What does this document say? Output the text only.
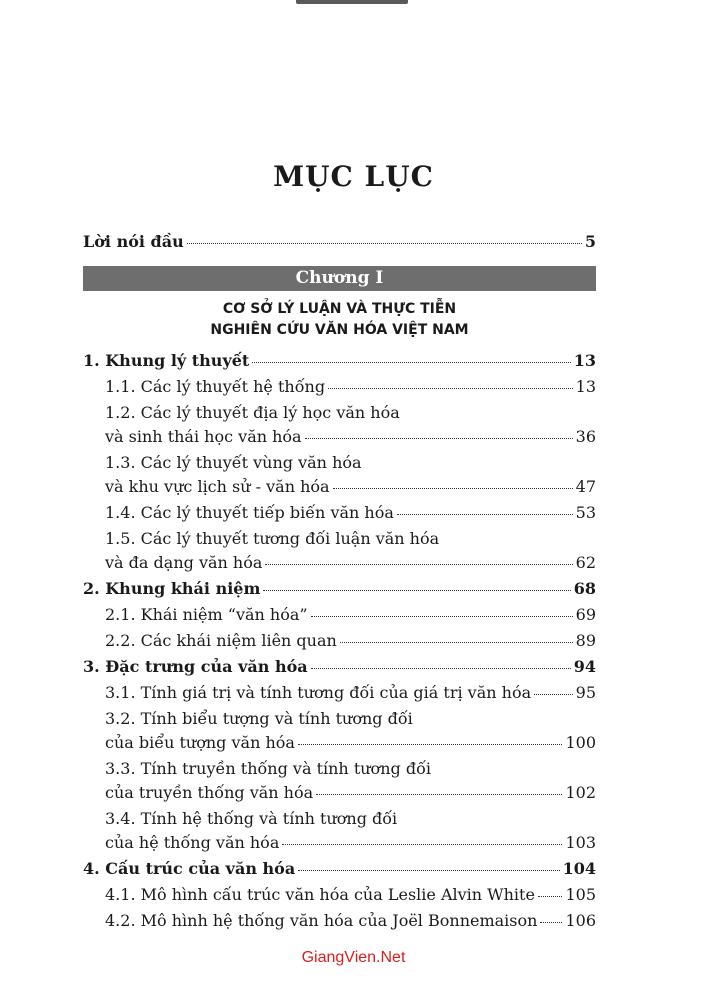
MỤC LỤC
Lời nói đầu	5
Chương I
CƠ SỞ LÝ LUẬN VÀ THỰC TIỄN
NGHIÊN CỨU VĂN HÓA VIỆT NAM
1. Khung lý thuyết	13
1.1. Các lý thuyết hệ thống	13
1.2. Các lý thuyết địa lý học văn hóa
và sinh thái học văn hóa	36
1.3. Các lý thuyết vùng văn hóa
và khu vực lịch sử - văn hóa	47
1.4. Các lý thuyết tiếp biến văn hóa	53
1.5. Các lý thuyết tương đối luận văn hóa
và đa dạng văn hóa	62
2. Khung khái niệm	68
2.1. Khái niệm “văn hóa”	69
2.2. Các khái niệm liên quan	89
3. Đặc trưng của văn hóa	94
3.1. Tính giá trị và tính tương đối của giá trị văn hóa	95
3.2. Tính biểu tượng và tính tương đối
của biểu tượng văn hóa	100
3.3. Tính truyền thống và tính tương đối
của truyền thống văn hóa	102
3.4. Tính hệ thống và tính tương đối
của hệ thống văn hóa	103
4. Cấu trúc của văn hóa	104
4.1. Mô hình cấu trúc văn hóa của Leslie Alvin White 105
4.2. Mô hình hệ thống văn hóa của Joël Bonnemaison 106
GiangVien.Net
